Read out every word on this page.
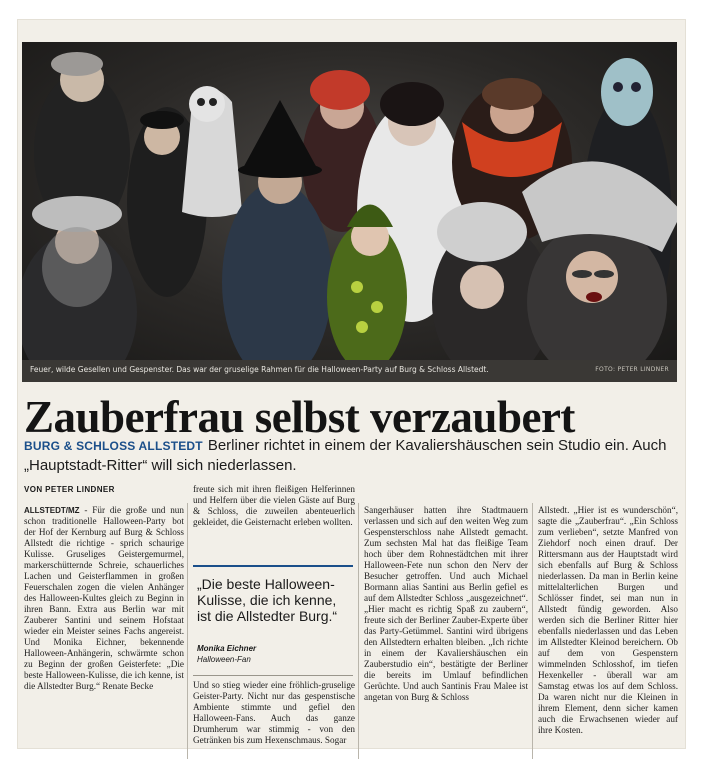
Feuer, wilde Gesellen und Gespenster. Das war der gruselige Rahmen für die Halloween-Party auf Burg & Schloss Allstedt.	FOTO: PETER LINDNER
Zauberfrau selbst verzaubert
BURG & SCHLOSS ALLSTEDT Berliner richtet in einem der Kavaliershäuschen sein Studio ein. Auch „Hauptstadt-Ritter“ will sich niederlassen.
VON PETER LINDNER

ALLSTEDT/MZ - Für die große und nun schon traditionelle Halloween-Party bot der Hof der Kernburg auf Burg & Schloss Allstedt die richtige - sprich schaurige Kulisse. Gruseliges Geistergemurmel, markerschütternde Schreie, schauerliches Lachen und Geisterflammen in großen Feuerschalen zogen die vielen Anhänger des Halloween-Kultes gleich zu Beginn in ihren Bann. Extra aus Berlin war mit Zauberer Santini und seinem Hofstaat wieder ein Meister seines Fachs angereist. Und Monika Eichner, bekennende Halloween-Anhängerin, schwärmte schon zu Beginn der großen Geisterfete: „Die beste Halloween-Kulisse, die ich kenne, ist die Allstedter Burg.“ Renate Becke

freute sich mit ihren fleißigen Helferinnen und Helfern über die vielen Gäste auf Burg & Schloss, die zuweilen abenteuerlich gekleidet, die Geisternacht erleben wollten.

„Die beste Halloween-Kulisse, die ich kenne, ist die Allstedter Burg.“
Monika Eichner
Halloween-Fan

Und so stieg wieder eine fröhlich-gruselige Geister-Party. Nicht nur das gespenstische Ambiente stimmte und gefiel den Halloween-Fans. Auch das ganze Drumherum war stimmig - von den Getränken bis zum Hexenschmaus. Sogar

Sangerhäuser hatten ihre Stadtmauern verlassen und sich auf den weiten Weg zum Gespensterschloss nahe Allstedt gemacht. Zum sechsten Mal hat das fleißige Team hoch über dem Rohnestädtchen mit ihrer Halloween-Fete nun schon den Nerv der Besucher getroffen. Und auch Michael Bormann alias Santini aus Berlin gefiel es auf dem Allstedter Schloss „ausgezeichnet“. „Hier macht es richtig Spaß zu zaubern“, freute sich der Berliner Zauber-Experte über das Party-Getümmel. Santini wird übrigens den Allstedtern erhalten bleiben. „Ich richte in einem der Kavaliershäuschen ein Zauberstudio ein“, bestätigte der Berliner die bereits im Umlauf befindlichen Gerüchte. Und auch Santinis Frau Malee ist angetan von Burg & Schloss

Allstedt. „Hier ist es wunderschön“, sagte die „Zauberfrau“. „Ein Schloss zum verlieben“, setzte Manfred von Ziehdorf noch einen drauf. Der Rittersmann aus der Hauptstadt wird sich ebenfalls auf Burg & Schloss niederlassen. Da man in Berlin keine mittelalterlichen Burgen und Schlösser findet, sei man nun in Allstedt fündig geworden. Also werden sich die Berliner Ritter hier ebenfalls niederlassen und das Leben im Allstedter Kleinod bereichern. Ob auf dem von Gespenstern wimmelnden Schlosshof, im tiefen Hexenkeller - überall war am Samstag etwas los auf dem Schloss. Da waren nicht nur die Kleinen in ihrem Element, denn sicher kamen auch die Erwachsenen wieder auf ihre Kosten.
